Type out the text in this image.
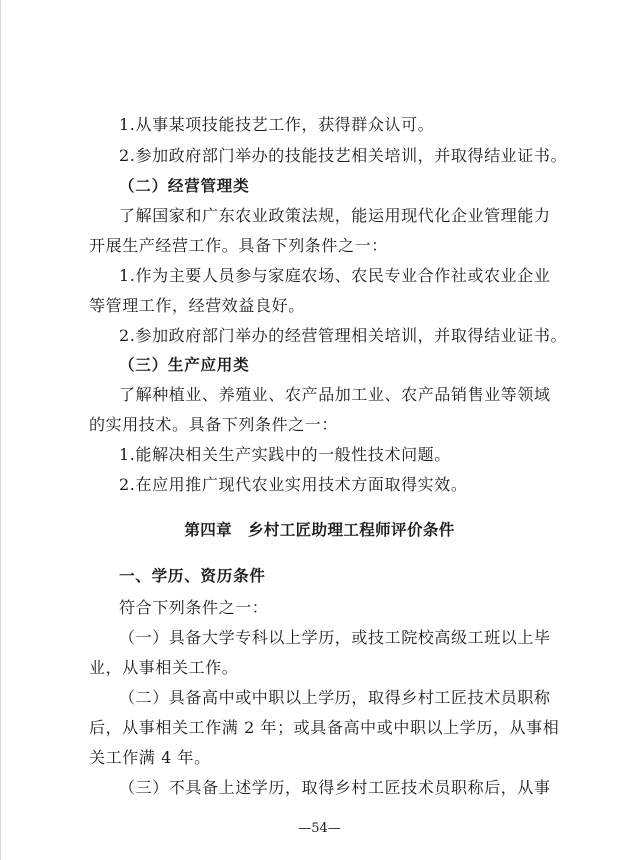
1.从事某项技能技艺工作，获得群众认可。
2.参加政府部门举办的技能技艺相关培训，并取得结业证书。
（二）经营管理类
了解国家和广东农业政策法规，能运用现代化企业管理能力
开展生产经营工作。具备下列条件之一：
1.作为主要人员参与家庭农场、农民专业合作社或农业企业
等管理工作，经营效益良好。
2.参加政府部门举办的经营管理相关培训，并取得结业证书。
（三）生产应用类
了解种植业、养殖业、农产品加工业、农产品销售业等领域
的实用技术。具备下列条件之一：
1.能解决相关生产实践中的一般性技术问题。
2.在应用推广现代农业实用技术方面取得实效。
第四章　乡村工匠助理工程师评价条件
一、学历、资历条件
符合下列条件之一：
（一）具备大学专科以上学历，或技工院校高级工班以上毕
业，从事相关工作。
（二）具备高中或中职以上学历，取得乡村工匠技术员职称
后，从事相关工作满 2 年；或具备高中或中职以上学历，从事相
关工作满 4 年。
（三）不具备上述学历，取得乡村工匠技术员职称后，从事
—54—
